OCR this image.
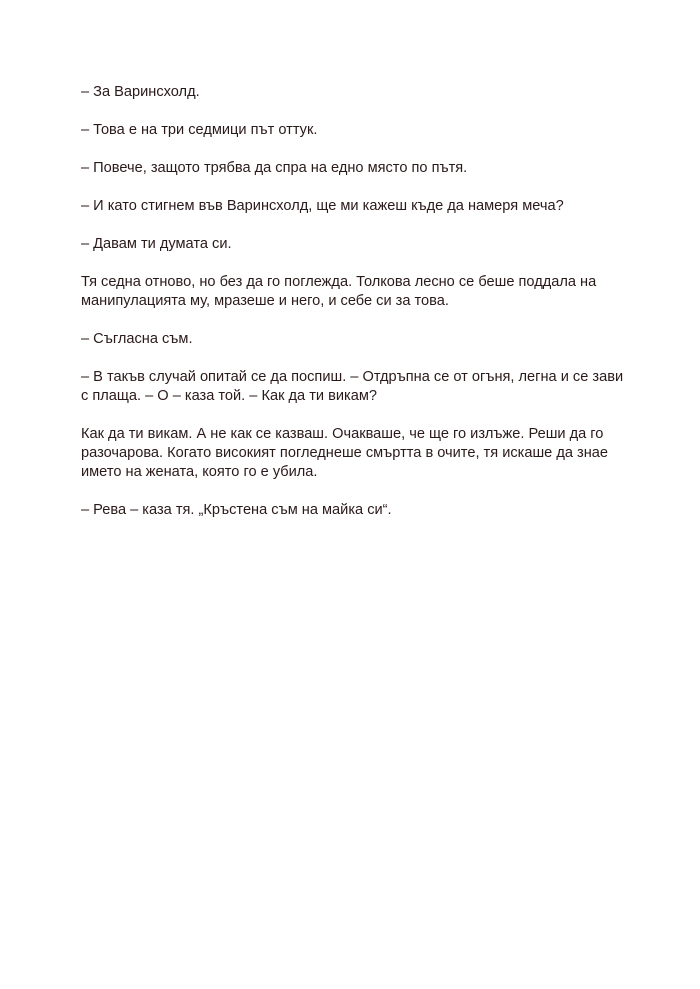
– За Варинсхолд.

– Това е на три седмици път оттук.

– Повече, защото трябва да спра на едно място по пътя.

– И като стигнем във Варинсхолд, ще ми кажеш къде да намеря меча?

– Давам ти думата си.

Тя седна отново, но без да го поглежда. Толкова лесно се беше поддала на
манипулацията му, мразеше и него, и себе си за това.

– Съгласна съм.

– В такъв случай опитай се да поспиш. – Отдръпна се от огъня, легна и се зави
с плаща. – О – каза той. – Как да ти викам?

Как да ти викам. А не как се казваш. Очакваше, че ще го излъже. Реши да го
разочарова. Когато високият погледнеше смъртта в очите, тя искаше да знае
името на жената, която го е убила.

– Рева – каза тя. „Кръстена съм на майка си“.
